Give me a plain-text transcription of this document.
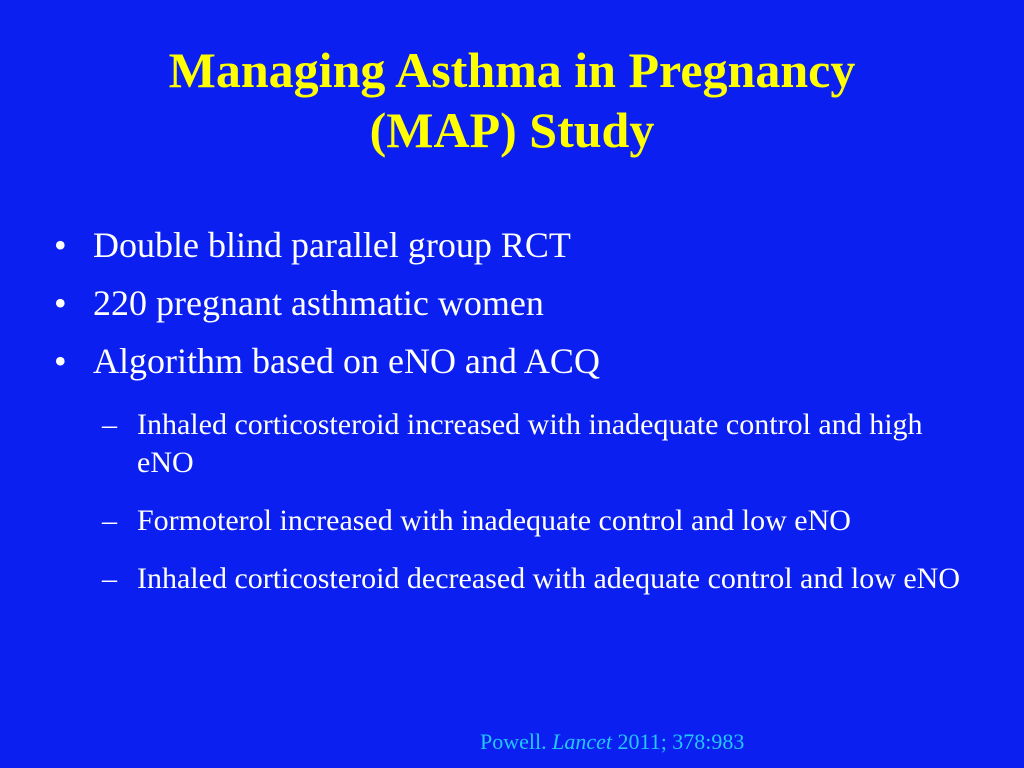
Managing Asthma in Pregnancy
(MAP) Study
• Double blind parallel group RCT
• 220 pregnant asthmatic women
• Algorithm based on eNO and ACQ
– Inhaled corticosteroid increased with inadequate control and high eNO
– Formoterol increased with inadequate control and low eNO
– Inhaled corticosteroid decreased with adequate control and low eNO
Powell. Lancet 2011; 378:983
